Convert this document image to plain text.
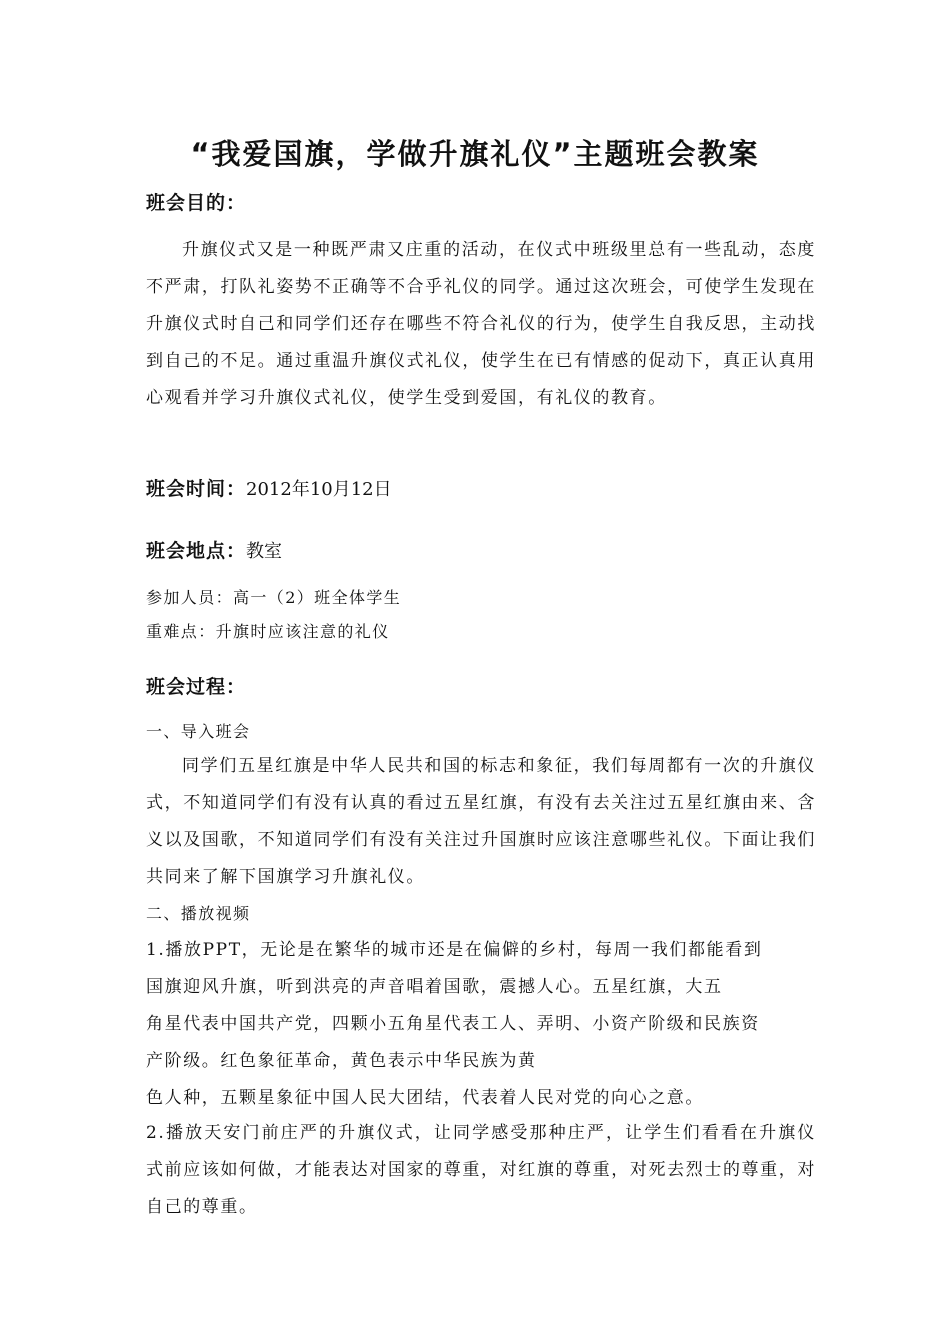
“我爱国旗，学做升旗礼仪”主题班会教案
班会目的：

升旗仪式又是一种既严肃又庄重的活动，在仪式中班级里总有一些乱动，态度不严肃，打队礼姿势不正确等不合乎礼仪的同学。通过这次班会，可使学生发现在升旗仪式时自己和同学们还存在哪些不符合礼仪的行为，使学生自我反思，主动找到自己的不足。通过重温升旗仪式礼仪，使学生在已有情感的促动下，真正认真用心观看并学习升旗仪式礼仪，使学生受到爱国，有礼仪的教育。

班会时间：2012年10月12日
班会地点：教室

参加人员：高一（2）班全体学生

重难点：升旗时应该注意的礼仪

班会过程：

一、导入班会

同学们五星红旗是中华人民共和国的标志和象征，我们每周都有一次的升旗仪式，不知道同学们有没有认真的看过五星红旗，有没有去关注过五星红旗由来、含义以及国歌，不知道同学们有没有关注过升国旗时应该注意哪些礼仪。下面让我们共同来了解下国旗学习升旗礼仪。

二、播放视频

1.播放PPT，无论是在繁华的城市还是在偏僻的乡村，每周一我们都能看到

国旗迎风升旗，听到洪亮的声音唱着国歌，震撼人心。五星红旗，大五

角星代表中国共产党，四颗小五角星代表工人、弄明、小资产阶级和民族资

产阶级。红色象征革命，黄色表示中华民族为黄

色人种，五颗星象征中国人民大团结，代表着人民对党的向心之意。

2.播放天安门前庄严的升旗仪式，让同学感受那种庄严，让学生们看看在升旗仪式前应该如何做，才能表达对国家的尊重，对红旗的尊重，对死去烈士的尊重，对自己的尊重。
